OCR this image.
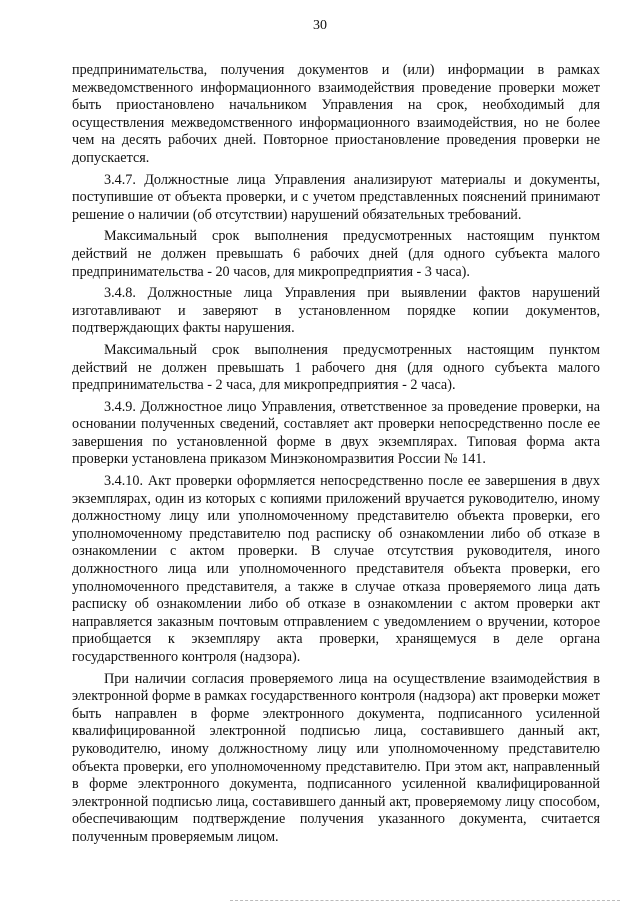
30

предпринимательства, получения документов и (или) информации в рамках межведомственного информационного взаимодействия проведение проверки может быть приостановлено начальником Управления на срок, необходимый для осуществления межведомственного информационного взаимодействия, но не более чем на десять рабочих дней. Повторное приостановление проведения проверки не допускается.

3.4.7. Должностные лица Управления анализируют материалы и документы, поступившие от объекта проверки, и с учетом представленных пояснений принимают решение о наличии (об отсутствии) нарушений обязательных требований.

Максимальный срок выполнения предусмотренных настоящим пунктом действий не должен превышать 6 рабочих дней (для одного субъекта малого предпринимательства - 20 часов, для микропредприятия - 3 часа).

3.4.8. Должностные лица Управления при выявлении фактов нарушений изготавливают и заверяют в установленном порядке копии документов, подтверждающих факты нарушения.

Максимальный срок выполнения предусмотренных настоящим пунктом действий не должен превышать 1 рабочего дня (для одного субъекта малого предпринимательства - 2 часа, для микропредприятия - 2 часа).

3.4.9. Должностное лицо Управления, ответственное за проведение проверки, на основании полученных сведений, составляет акт проверки непосредственно после ее завершения по установленной форме в двух экземплярах. Типовая форма акта проверки установлена приказом Минэкономразвития России № 141.

3.4.10. Акт проверки оформляется непосредственно после ее завершения в двух экземплярах, один из которых с копиями приложений вручается руководителю, иному должностному лицу или уполномоченному представителю объекта проверки, его уполномоченному представителю под расписку об ознакомлении либо об отказе в ознакомлении с актом проверки. В случае отсутствия руководителя, иного должностного лица или уполномоченного представителя объекта проверки, его уполномоченного представителя, а также в случае отказа проверяемого лица дать расписку об ознакомлении либо об отказе в ознакомлении с актом проверки акт направляется заказным почтовым отправлением с уведомлением о вручении, которое приобщается к экземпляру акта проверки, хранящемуся в деле органа государственного контроля (надзора).

При наличии согласия проверяемого лица на осуществление взаимодействия в электронной форме в рамках государственного контроля (надзора) акт проверки может быть направлен в форме электронного документа, подписанного усиленной квалифицированной электронной подписью лица, составившего данный акт, руководителю, иному должностному лицу или уполномоченному представителю объекта проверки, его уполномоченному представителю. При этом акт, направленный в форме электронного документа, подписанного усиленной квалифицированной электронной подписью лица, составившего данный акт, проверяемому лицу способом, обеспечивающим подтверждение получения указанного документа, считается полученным проверяемым лицом.
